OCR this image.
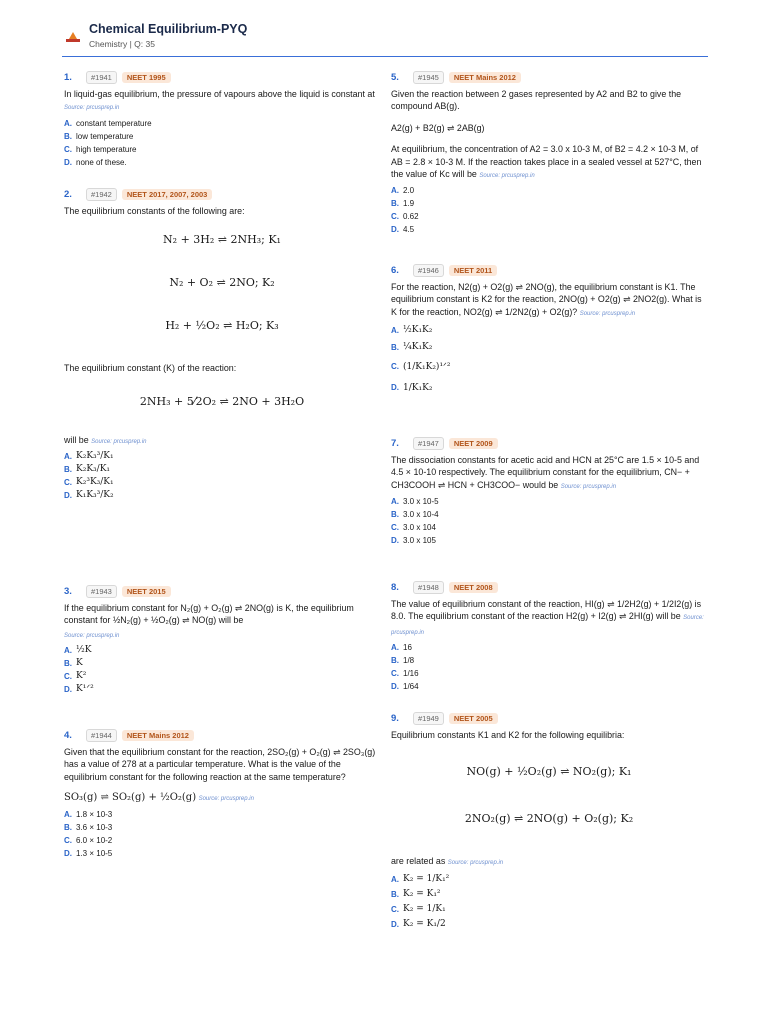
Chemical Equilibrium-PYQ
Chemistry | Q: 35
1.	#1941	NEET 1995
In liquid-gas equilibrium, the pressure of vapours above the liquid is constant at Source: prcusprep.in
A. constant temperature
B. low temperature
C. high temperature
D. none of these.
2.	#1942	NEET 2017, 2007, 2003
The equilibrium constants of the following are:
N₂ + 3H₂ ⇌ 2NH₃; K₁
N₂ + O₂ ⇌ 2NO; K₂
H₂ + ½O₂ ⇌ H₂O; K₃
The equilibrium constant (K) of the reaction:
2NH₃ + 5⁄2O₂ ⇌ 2NO + 3H₂O
will be Source: prcusprep.in
A. K₂K₃³/K₁
B. K₂K₃/K₁
C. K₂³K₃/K₁
D. K₁K₃³/K₂
3.	#1943	NEET 2015
If the equilibrium constant for N₂(g) + O₂(g) ⇌ 2NO(g) is K, the equilibrium constant for ½N₂(g) + ½O₂(g) ⇌ NO(g) will be
Source: prcusprep.in
A. ½K
B. K
C. K²
D. K¹ᐟ²
4.	#1944	NEET Mains 2012
Given that the equilibrium constant for the reaction, 2SO₂(g) + O₂(g) ⇌ 2SO₃(g) has a value of 278 at a particular temperature. What is the value of the equilibrium constant for the following reaction at the same temperature?
SO₃(g) ⇌ SO₂(g) + ½O₂(g) Source: prcusprep.in
A. 1.8 × 10-3
B. 3.6 × 10-3
C. 6.0 × 10-2
D. 1.3 × 10-5
5.	#1945	NEET Mains 2012
Given the reaction between 2 gases represented by A2 and B2 to give the compound AB(g).
A2(g) + B2(g) ⇌ 2AB(g)
At equilibrium, the concentration of A2 = 3.0 x 10-3 M, of B2 = 4.2 × 10-3 M, of AB = 2.8 × 10-3 M. If the reaction takes place in a sealed vessel at 527°C, then the value of Kc will be Source: prcusprep.in
A. 2.0
B. 1.9
C. 0.62
D. 4.5
6.	#1946	NEET 2011
For the reaction, N2(g) + O2(g) ⇌ 2NO(g), the equilibrium constant is K1. The equilibrium constant is K2 for the reaction, 2NO(g) + O2(g) ⇌ 2NO2(g). What is K for the reaction, NO2(g) ⇌ 1/2N2(g) + O2(g)? Source: prcusprep.in
A. ½K₁K₂
B. ¼K₁K₂
C. (1/K₁K₂)¹ᐟ²
D. 1/K₁K₂
7.	#1947	NEET 2009
The dissociation constants for acetic acid and HCN at 25°C are 1.5 × 10-5 and 4.5 × 10-10 respectively. The equilibrium constant for the equilibrium, CN− + CH3COOH ⇌ HCN + CH3COO− would be Source: prcusprep.in
A. 3.0 x 10-5
B. 3.0 x 10-4
C. 3.0 x 104
D. 3.0 x 105
8.	#1948	NEET 2008
The value of equilibrium constant of the reaction, HI(g) ⇌ 1/2H2(g) + 1/2I2(g) is 8.0. The equilibrium constant of the reaction H2(g) + I2(g) ⇌ 2HI(g) will be Source: prcusprep.in
A. 16
B. 1/8
C. 1/16
D. 1/64
9.	#1949	NEET 2005
Equilibrium constants K1 and K2 for the following equilibria:
NO(g) + ½O₂(g) ⇌ NO₂(g); K₁
2NO₂(g) ⇌ 2NO(g) + O₂(g); K₂
are related as Source: prcusprep.in
A. K₂ = 1/K₁²
B. K₂ = K₁²
C. K₂ = 1/K₁
D. K₂ = K₁/2
